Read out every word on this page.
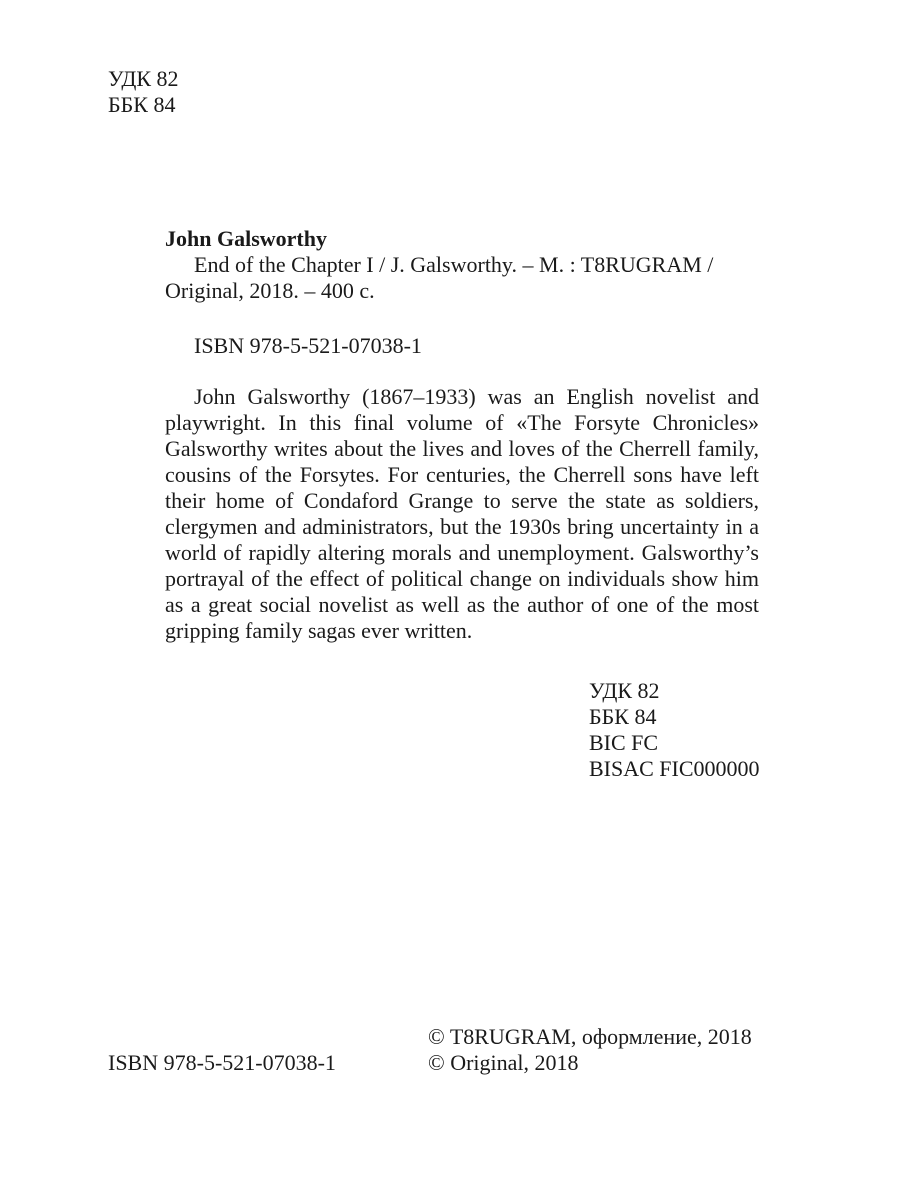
УДК 82
ББК 84
John Galsworthy
End of the Chapter I / J. Galsworthy. – M. : T8RUGRAM / Original, 2018. – 400 c.
ISBN 978-5-521-07038-1
John Galsworthy (1867–1933) was an English novelist and playwright. In this final volume of «The Forsyte Chronicles» Galsworthy writes about the lives and loves of the Cherrell family, cousins of the Forsytes. For centuries, the Cherrell sons have left their home of Condaford Grange to serve the state as soldiers, clergymen and administrators, but the 1930s bring uncertainty in a world of rapidly altering morals and unemployment. Galsworthy’s portrayal of the effect of political change on individuals show him as a great social novelist as well as the author of one of the most gripping family sagas ever written.
УДК 82
ББК 84
BIC FC
BISAC FIC000000
ISBN 978-5-521-07038-1
© T8RUGRAM, оформление, 2018
© Original, 2018
